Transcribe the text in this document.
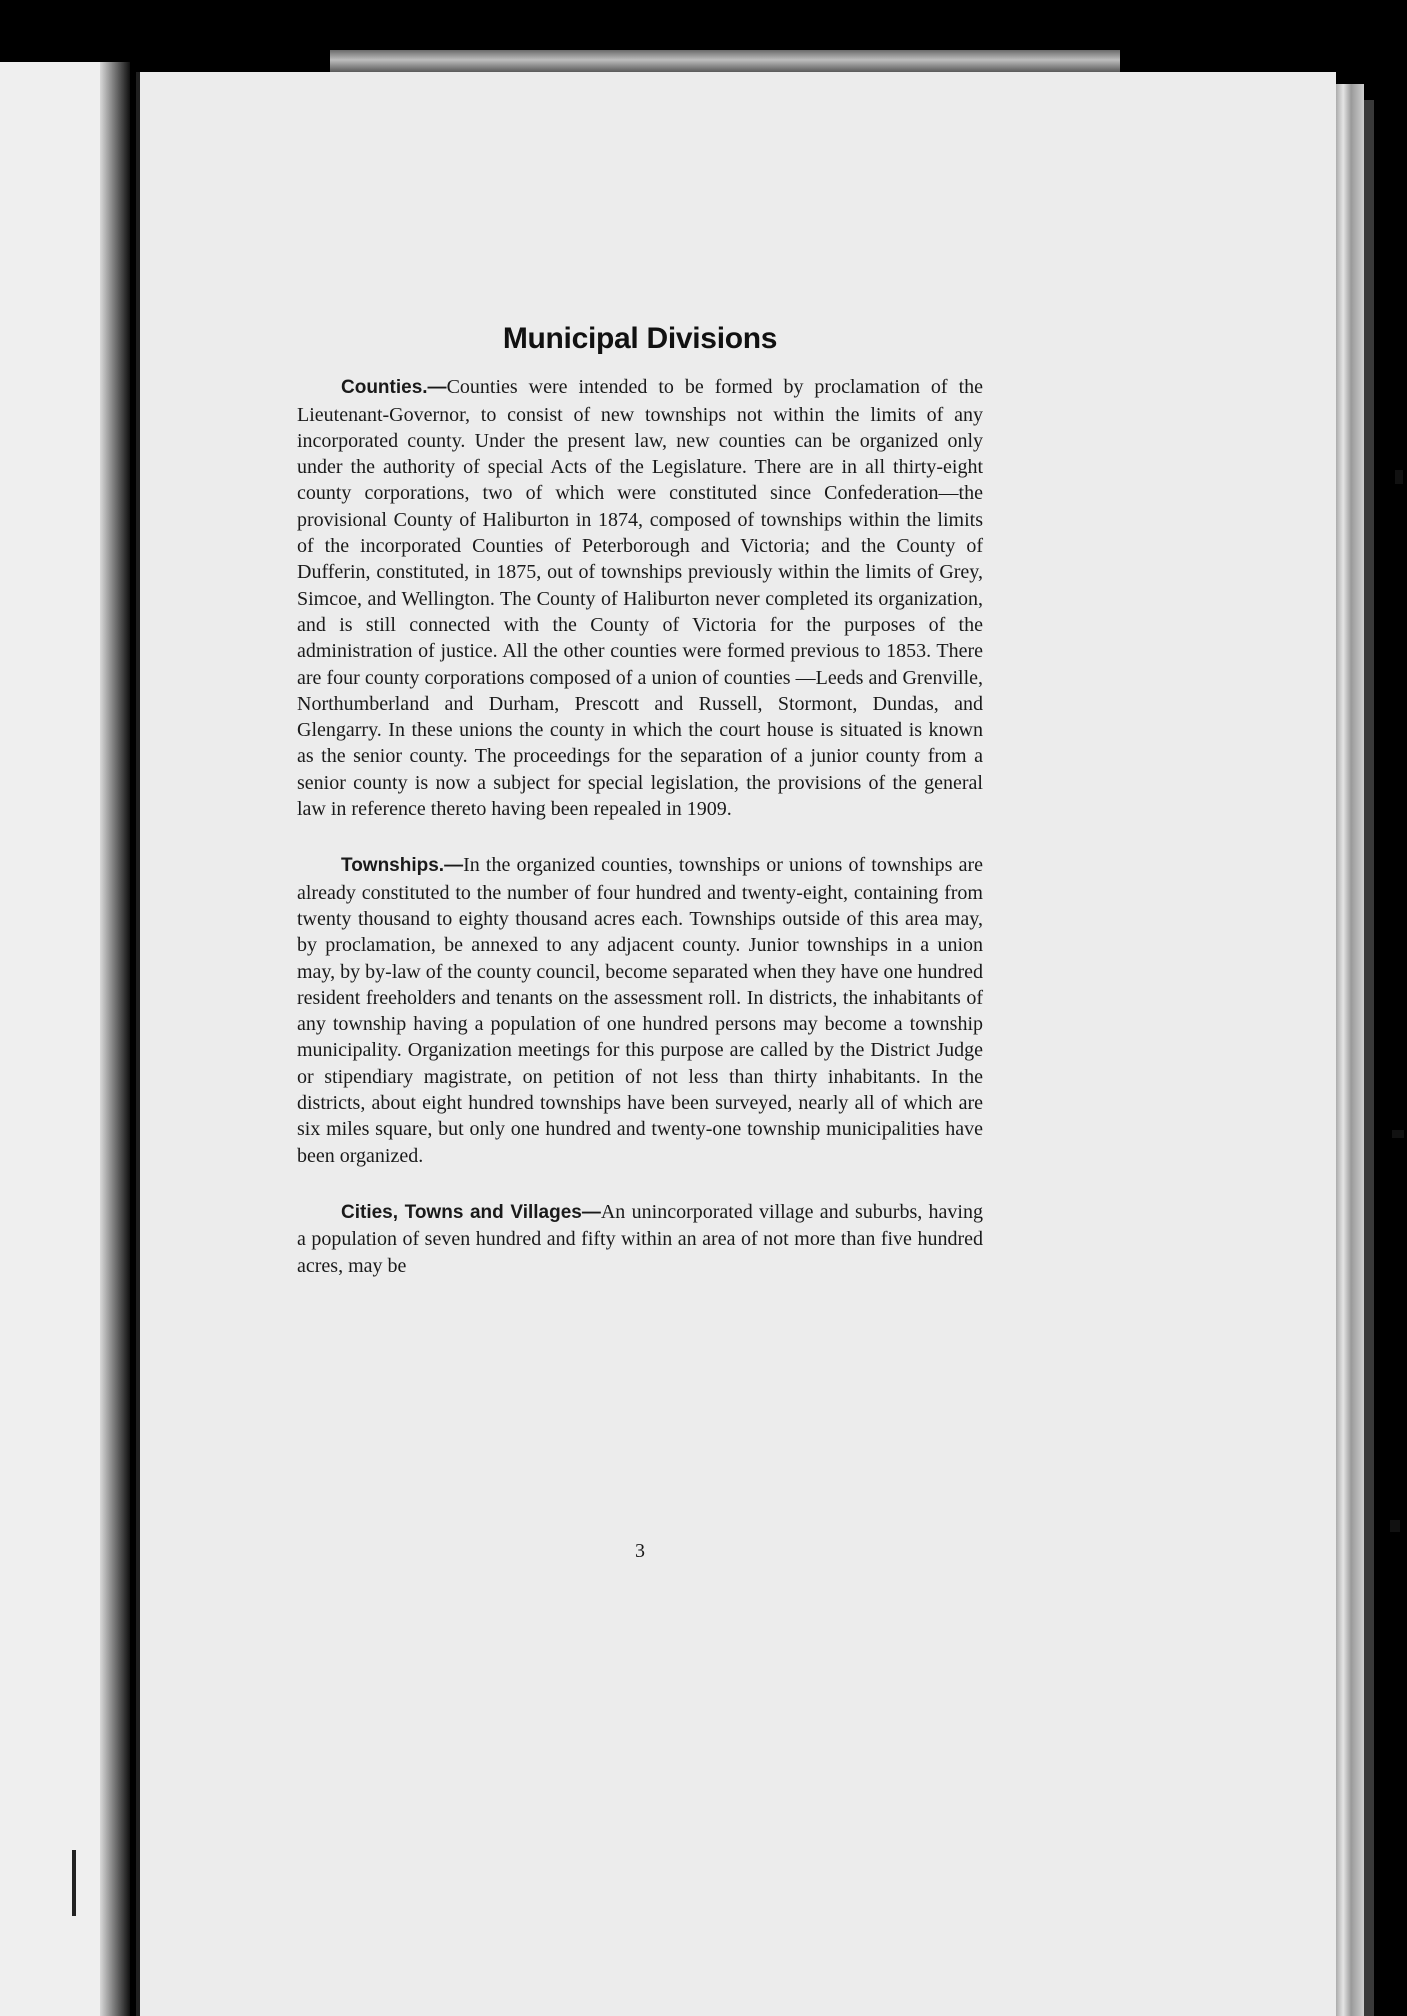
Municipal Divisions

Counties.—Counties were intended to be formed by proclamation of the Lieutenant-Governor, to consist of new townships not within the limits of any incorporated county. Under the present law, new counties can be organized only under the authority of special Acts of the Legislature. There are in all thirty-eight county corporations, two of which were constituted since Confederation—the provisional County of Haliburton in 1874, composed of townships within the limits of the incorporated Counties of Peterborough and Victoria; and the County of Dufferin, constituted, in 1875, out of townships previously within the limits of Grey, Simcoe, and Wellington. The County of Haliburton never completed its organization, and is still connected with the County of Victoria for the purposes of the administration of justice. All the other counties were formed previous to 1853. There are four county corporations composed of a union of counties —Leeds and Grenville, Northumberland and Durham, Prescott and Russell, Stormont, Dundas, and Glengarry. In these unions the county in which the court house is situated is known as the senior county. The proceedings for the separation of a junior county from a senior county is now a subject for special legislation, the provisions of the general law in reference thereto having been repealed in 1909.

Townships.—In the organized counties, townships or unions of townships are already constituted to the number of four hundred and twenty-eight, containing from twenty thousand to eighty thousand acres each. Townships outside of this area may, by proclamation, be annexed to any adjacent county. Junior townships in a union may, by by-law of the county council, become separated when they have one hundred resident freeholders and tenants on the assessment roll. In districts, the inhabitants of any township having a population of one hundred persons may become a township municipality. Organization meetings for this purpose are called by the District Judge or stipendiary magistrate, on petition of not less than thirty inhabitants. In the districts, about eight hundred townships have been surveyed, nearly all of which are six miles square, but only one hundred and twenty-one township municipalities have been organized.

Cities, Towns and Villages—An unincorporated village and suburbs, having a population of seven hundred and fifty within an area of not more than five hundred acres, may be

3
